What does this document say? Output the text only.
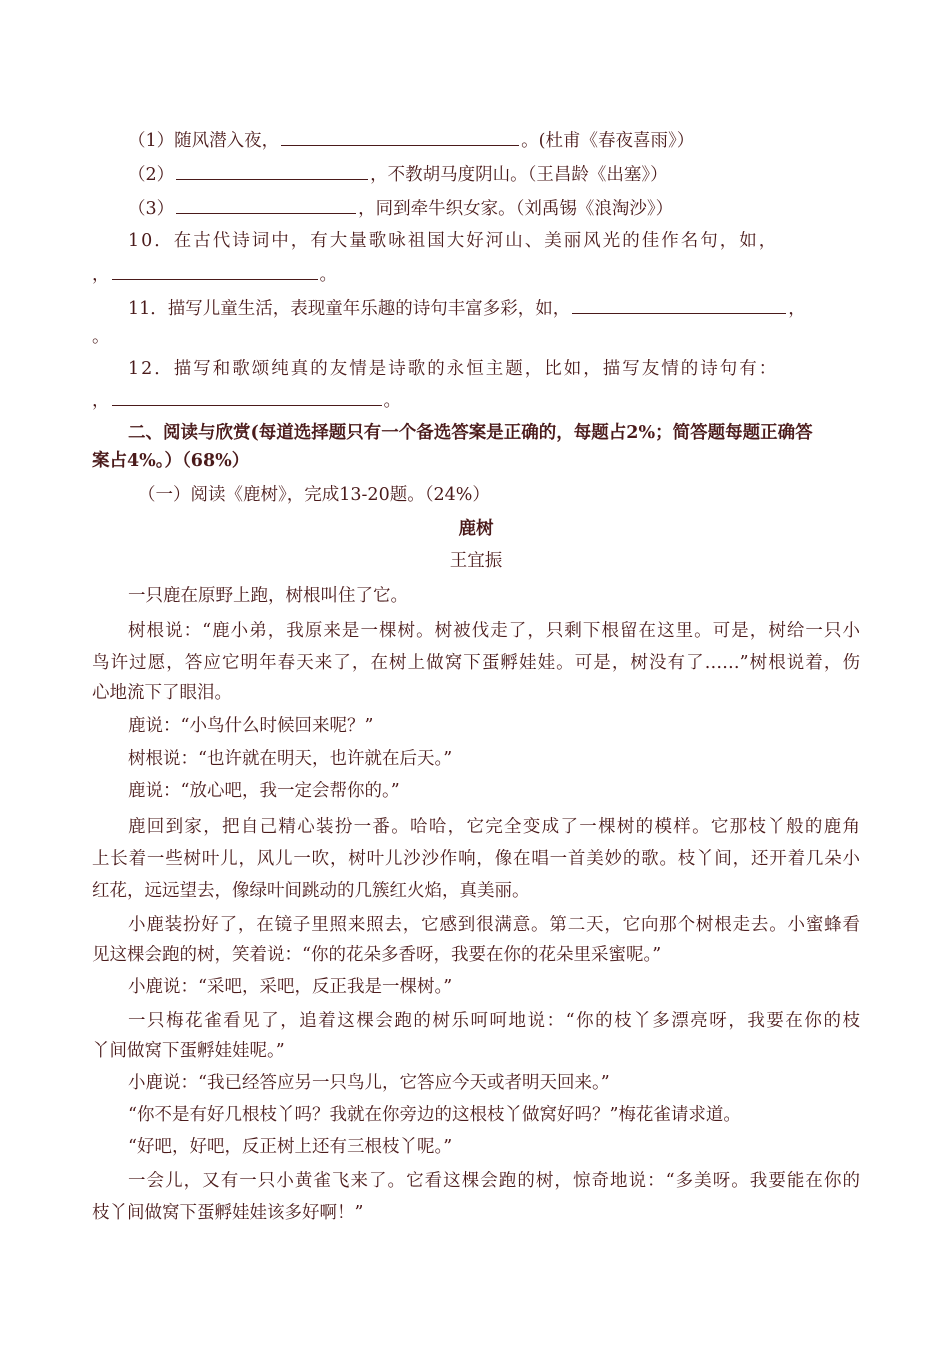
（1）随风潜入夜，	。(杜甫《春夜喜雨》）
（2）	，不教胡马度阴山。（王昌龄《出塞》）
（3）	，同到牵牛织女家。（刘禹锡《浪淘沙》）
10．在古代诗词中，有大量歌咏祖国大好河山、美丽风光的佳作名句，如，
，	。
11．描写儿童生活，表现童年乐趣的诗句丰富多彩，如，	，
。
12．描写和歌颂纯真的友情是诗歌的永恒主题，比如，描写友情的诗句有：
，	。
二、阅读与欣赏(每道选择题只有一个备选答案是正确的，每题占2%；简答题每题正确答
案占4%。）（68%）
（一）阅读《鹿树》，完成13-20题。（24%）
鹿树
王宜振
一只鹿在原野上跑，树根叫住了它。
树根说：“鹿小弟，我原来是一棵树。树被伐走了，只剩下根留在这里。可是，树给一只小
鸟许过愿，答应它明年春天来了，在树上做窝下蛋孵娃娃。可是，树没有了……”树根说着，伤
心地流下了眼泪。
鹿说：“小鸟什么时候回来呢？”
树根说：“也许就在明天，也许就在后天。”
鹿说：“放心吧，我一定会帮你的。”
鹿回到家，把自己精心装扮一番。哈哈，它完全变成了一棵树的模样。它那枝丫般的鹿角
上长着一些树叶儿，风儿一吹，树叶儿沙沙作响，像在唱一首美妙的歌。枝丫间，还开着几朵小
红花，远远望去，像绿叶间跳动的几簇红火焰，真美丽。
小鹿装扮好了，在镜子里照来照去，它感到很满意。第二天，它向那个树根走去。小蜜蜂看
见这棵会跑的树，笑着说：“你的花朵多香呀，我要在你的花朵里采蜜呢。”
小鹿说：“采吧，采吧，反正我是一棵树。”
一只梅花雀看见了，追着这棵会跑的树乐呵呵地说：“你的枝丫多漂亮呀，我要在你的枝
丫间做窝下蛋孵娃娃呢。”
小鹿说：“我已经答应另一只鸟儿，它答应今天或者明天回来。”
“你不是有好几根枝丫吗？我就在你旁边的这根枝丫做窝好吗？”梅花雀请求道。
“好吧，好吧，反正树上还有三根枝丫呢。”
一会儿，又有一只小黄雀飞来了。它看这棵会跑的树，惊奇地说：“多美呀。我要能在你的
枝丫间做窝下蛋孵娃娃该多好啊！”
